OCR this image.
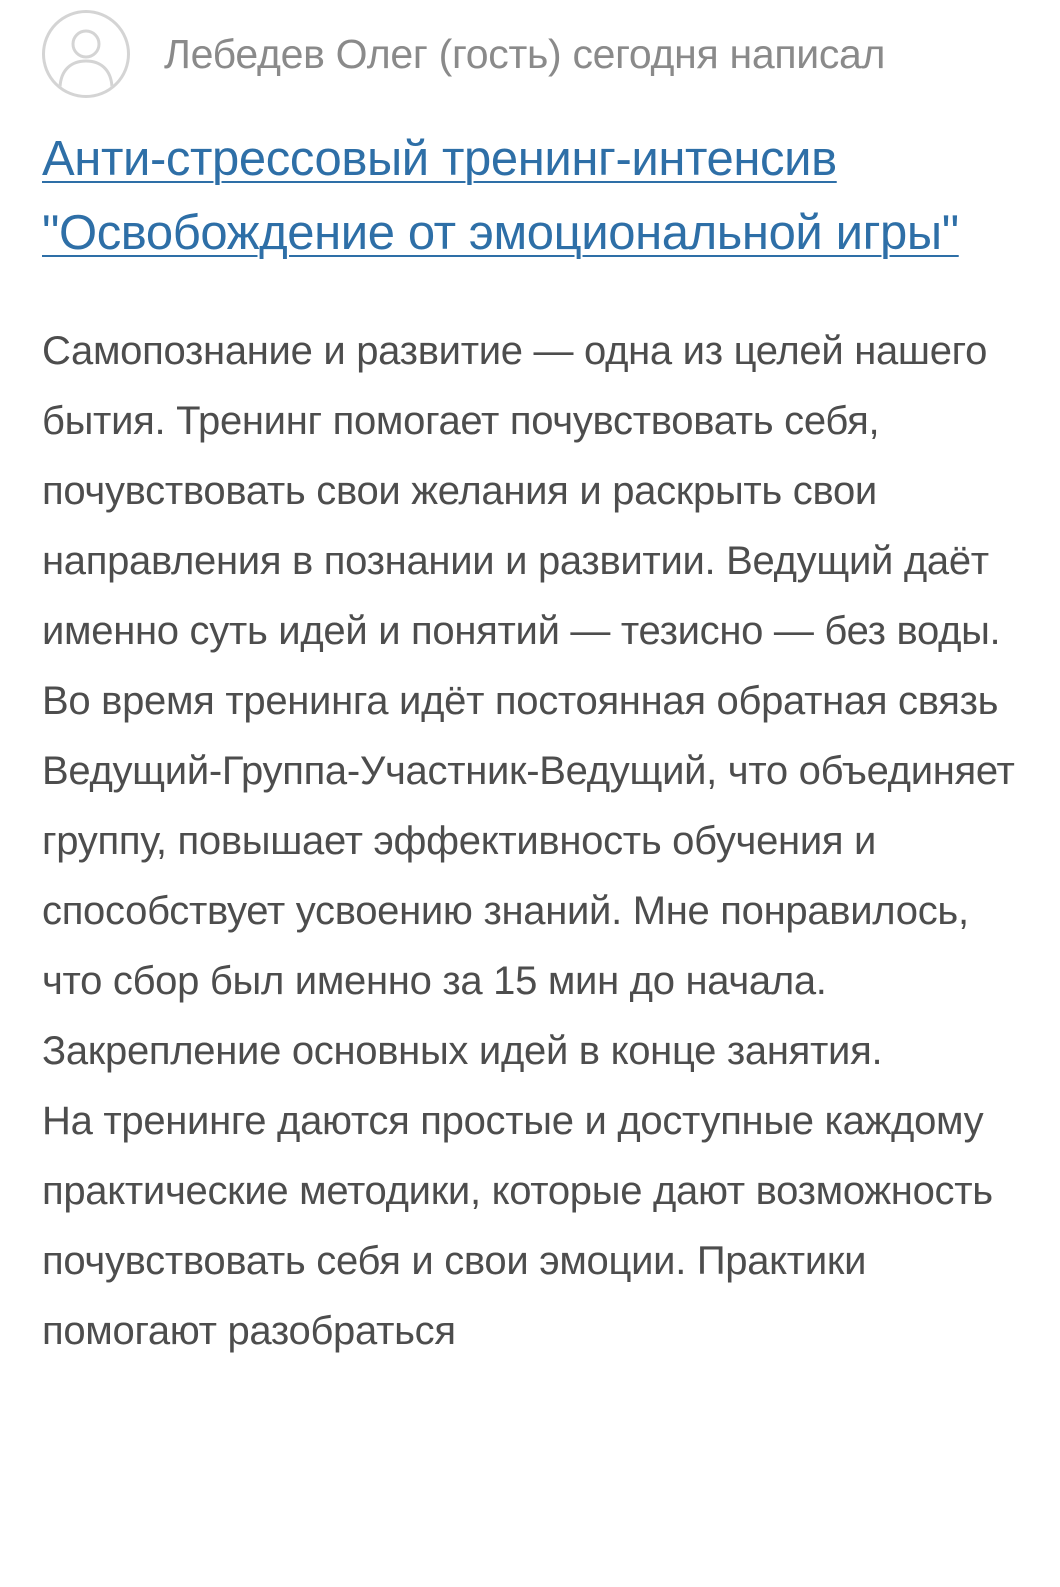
Лебедев Олег (гость) сегодня написал
Анти-стрессовый тренинг-интенсив "Освобождение от эмоциональной игры"

Самопознание и развитие — одна из целей нашего бытия. Тренинг помогает почувствовать себя, почувствовать свои желания и раскрыть свои направления в познании и развитии. Ведущий даёт именно суть идей и понятий — тезисно — без воды. Во время тренинга идёт постоянная обратная связь Ведущий-Группа-Участник-Ведущий, что объединяет группу, повышает эффективность обучения и способствует усвоению знаний. Мне понравилось, что сбор был именно за 15 мин до начала. Закрепление основных идей в конце занятия.

На тренинге даются простые и доступные каждому практические методики, которые дают возможность почувствовать себя и свои эмоции. Практики помогают разобраться
